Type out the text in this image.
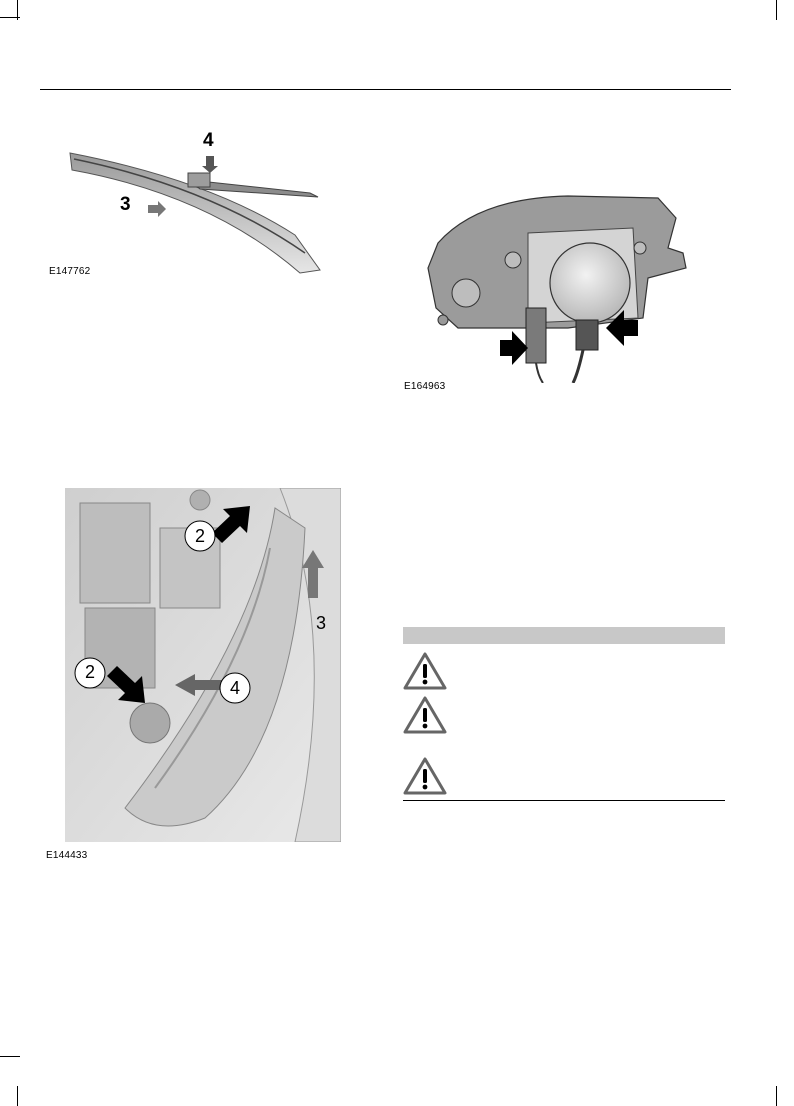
4
3
E147762
E164963
2
2
3
4
E144433
